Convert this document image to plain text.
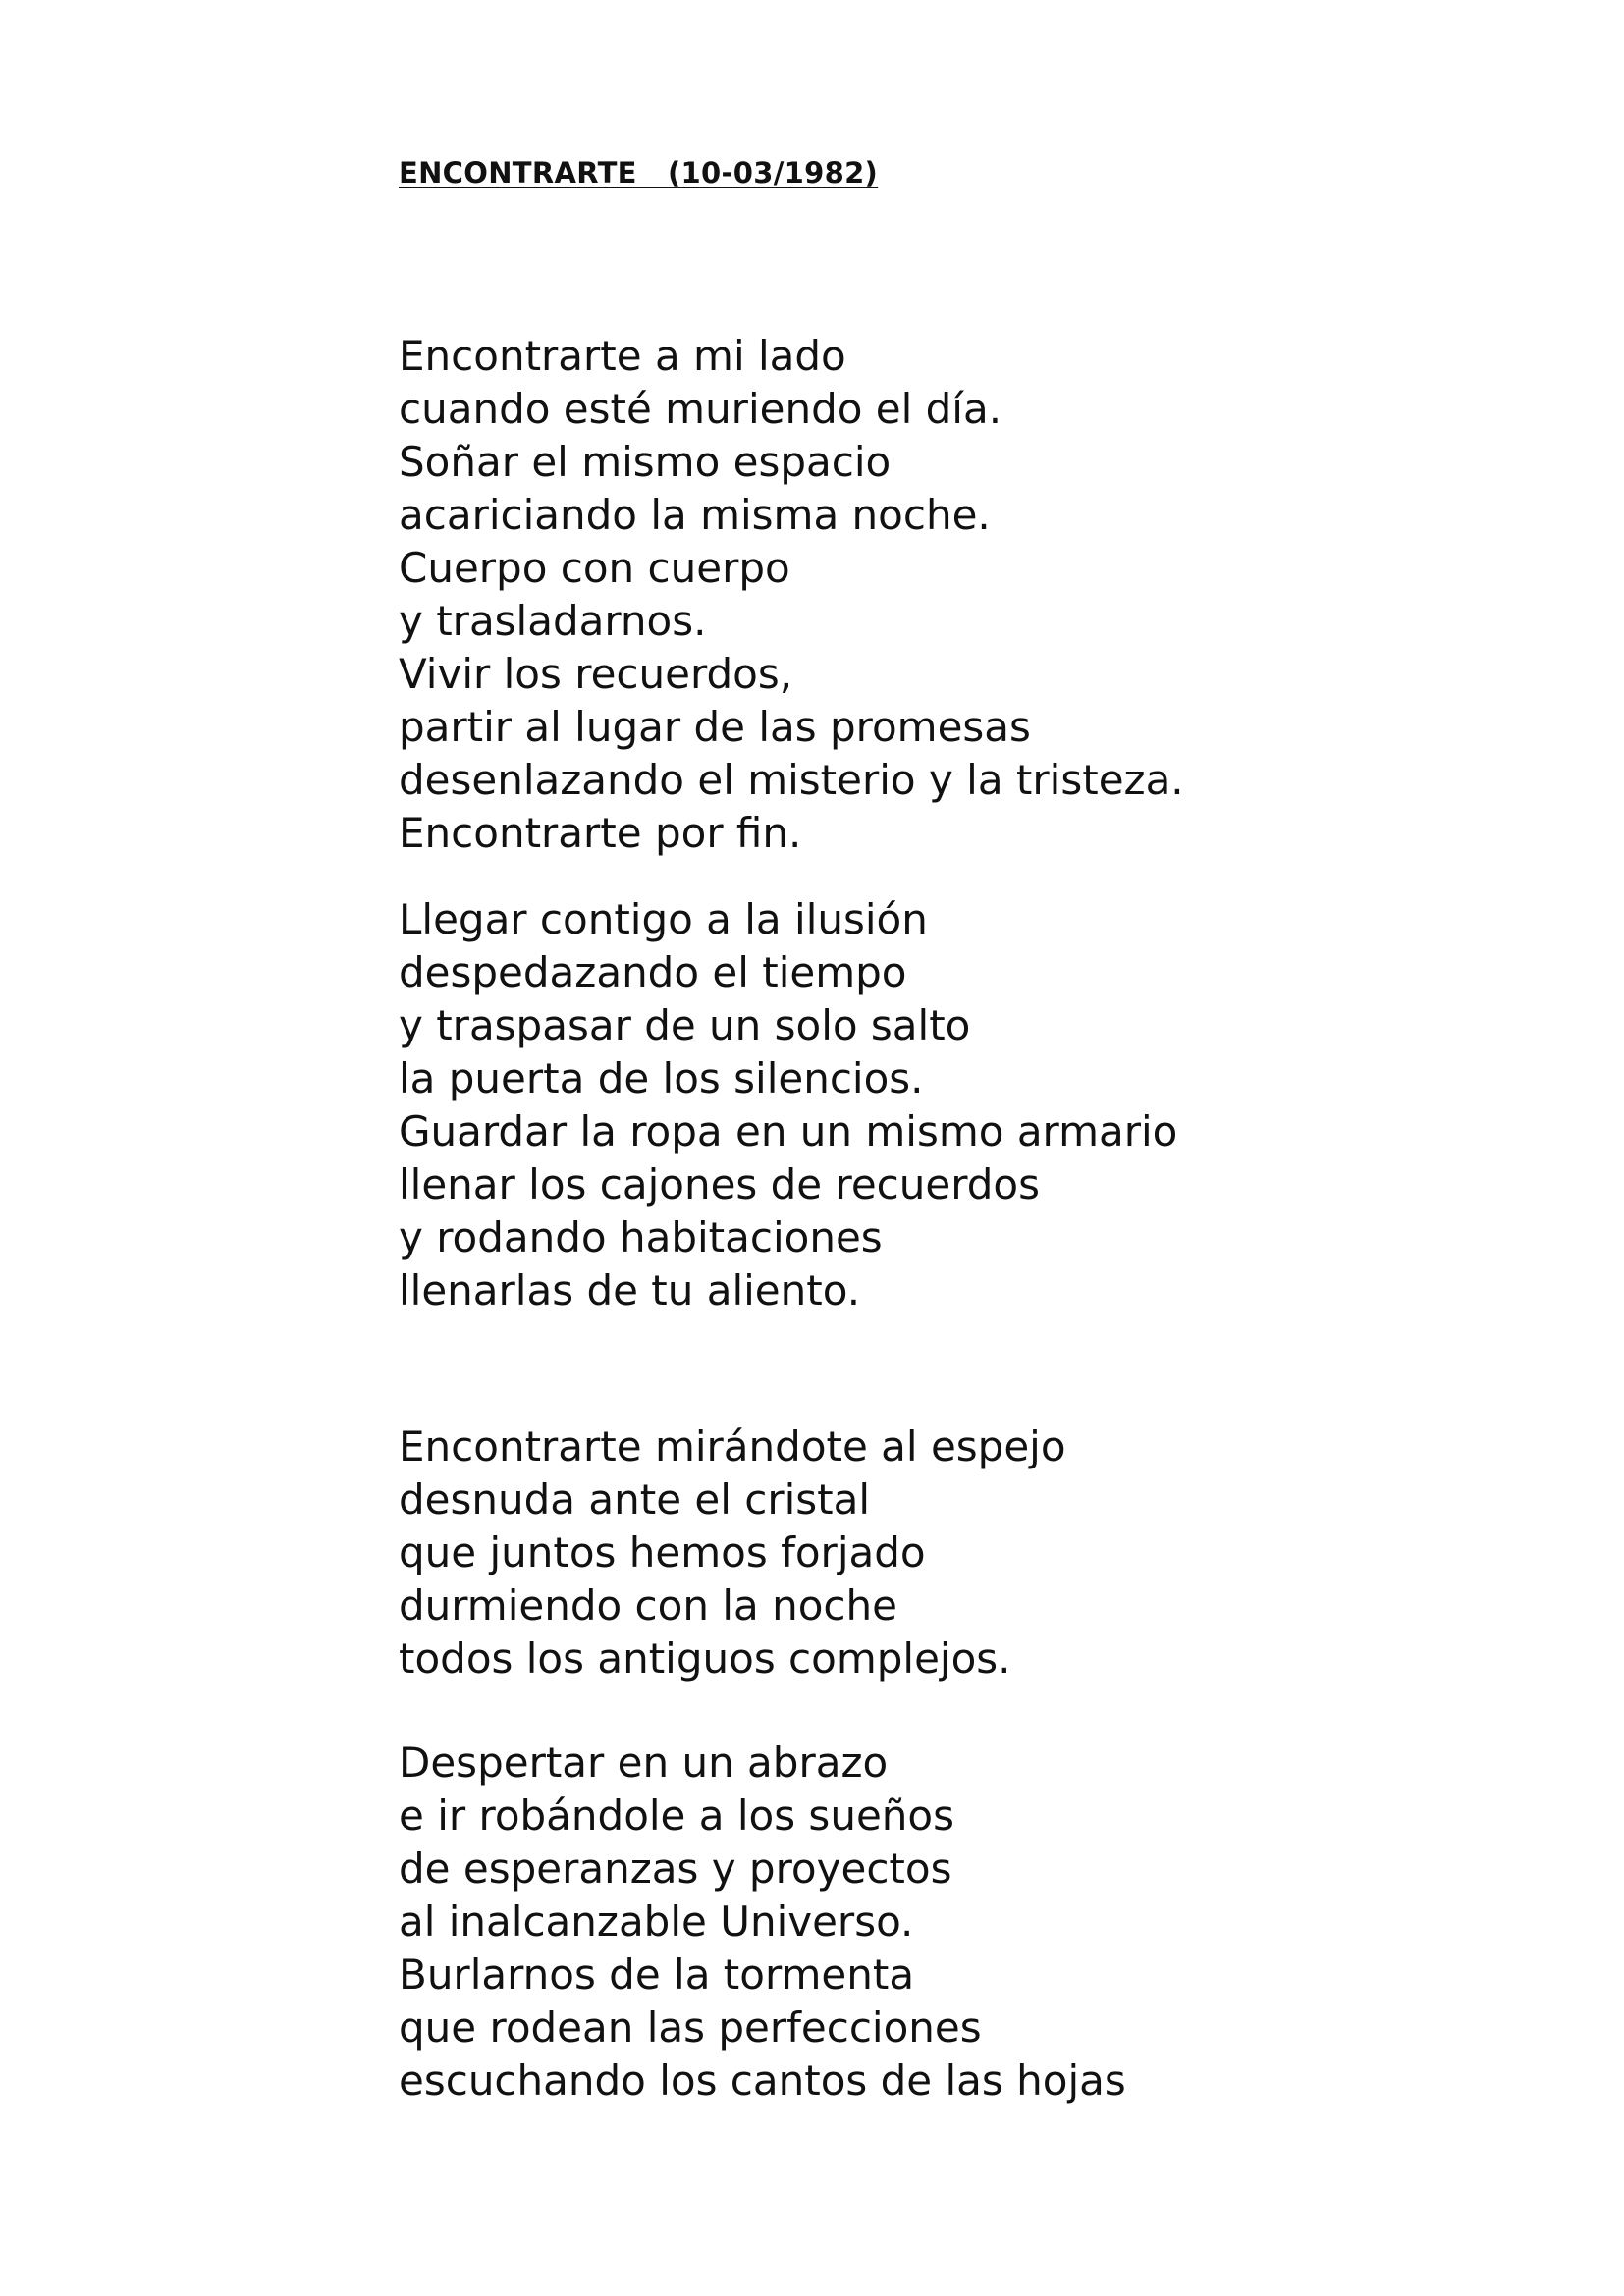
ENCONTRARTE   (10-03/1982)
Encontrarte a mi lado
cuando esté muriendo el día.
Soñar el mismo espacio
acariciando la misma noche.
Cuerpo con cuerpo
y trasladarnos.
Vivir los recuerdos,
partir al lugar de las promesas
desenlazando el misterio y la tristeza.
Encontrarte por fin.
Llegar contigo a la ilusión
despedazando el tiempo
y traspasar de un solo salto
la puerta de los silencios.
Guardar la ropa en un mismo armario
llenar los cajones de recuerdos
y rodando habitaciones
llenarlas de tu aliento.
Encontrarte mirándote al espejo
desnuda ante el cristal
que juntos hemos forjado
durmiendo con la noche
todos los antiguos complejos.
Despertar en un abrazo
e ir robándole a los sueños
de esperanzas y proyectos
al inalcanzable Universo.
Burlarnos de la tormenta
que rodean las perfecciones
escuchando los cantos de las hojas
